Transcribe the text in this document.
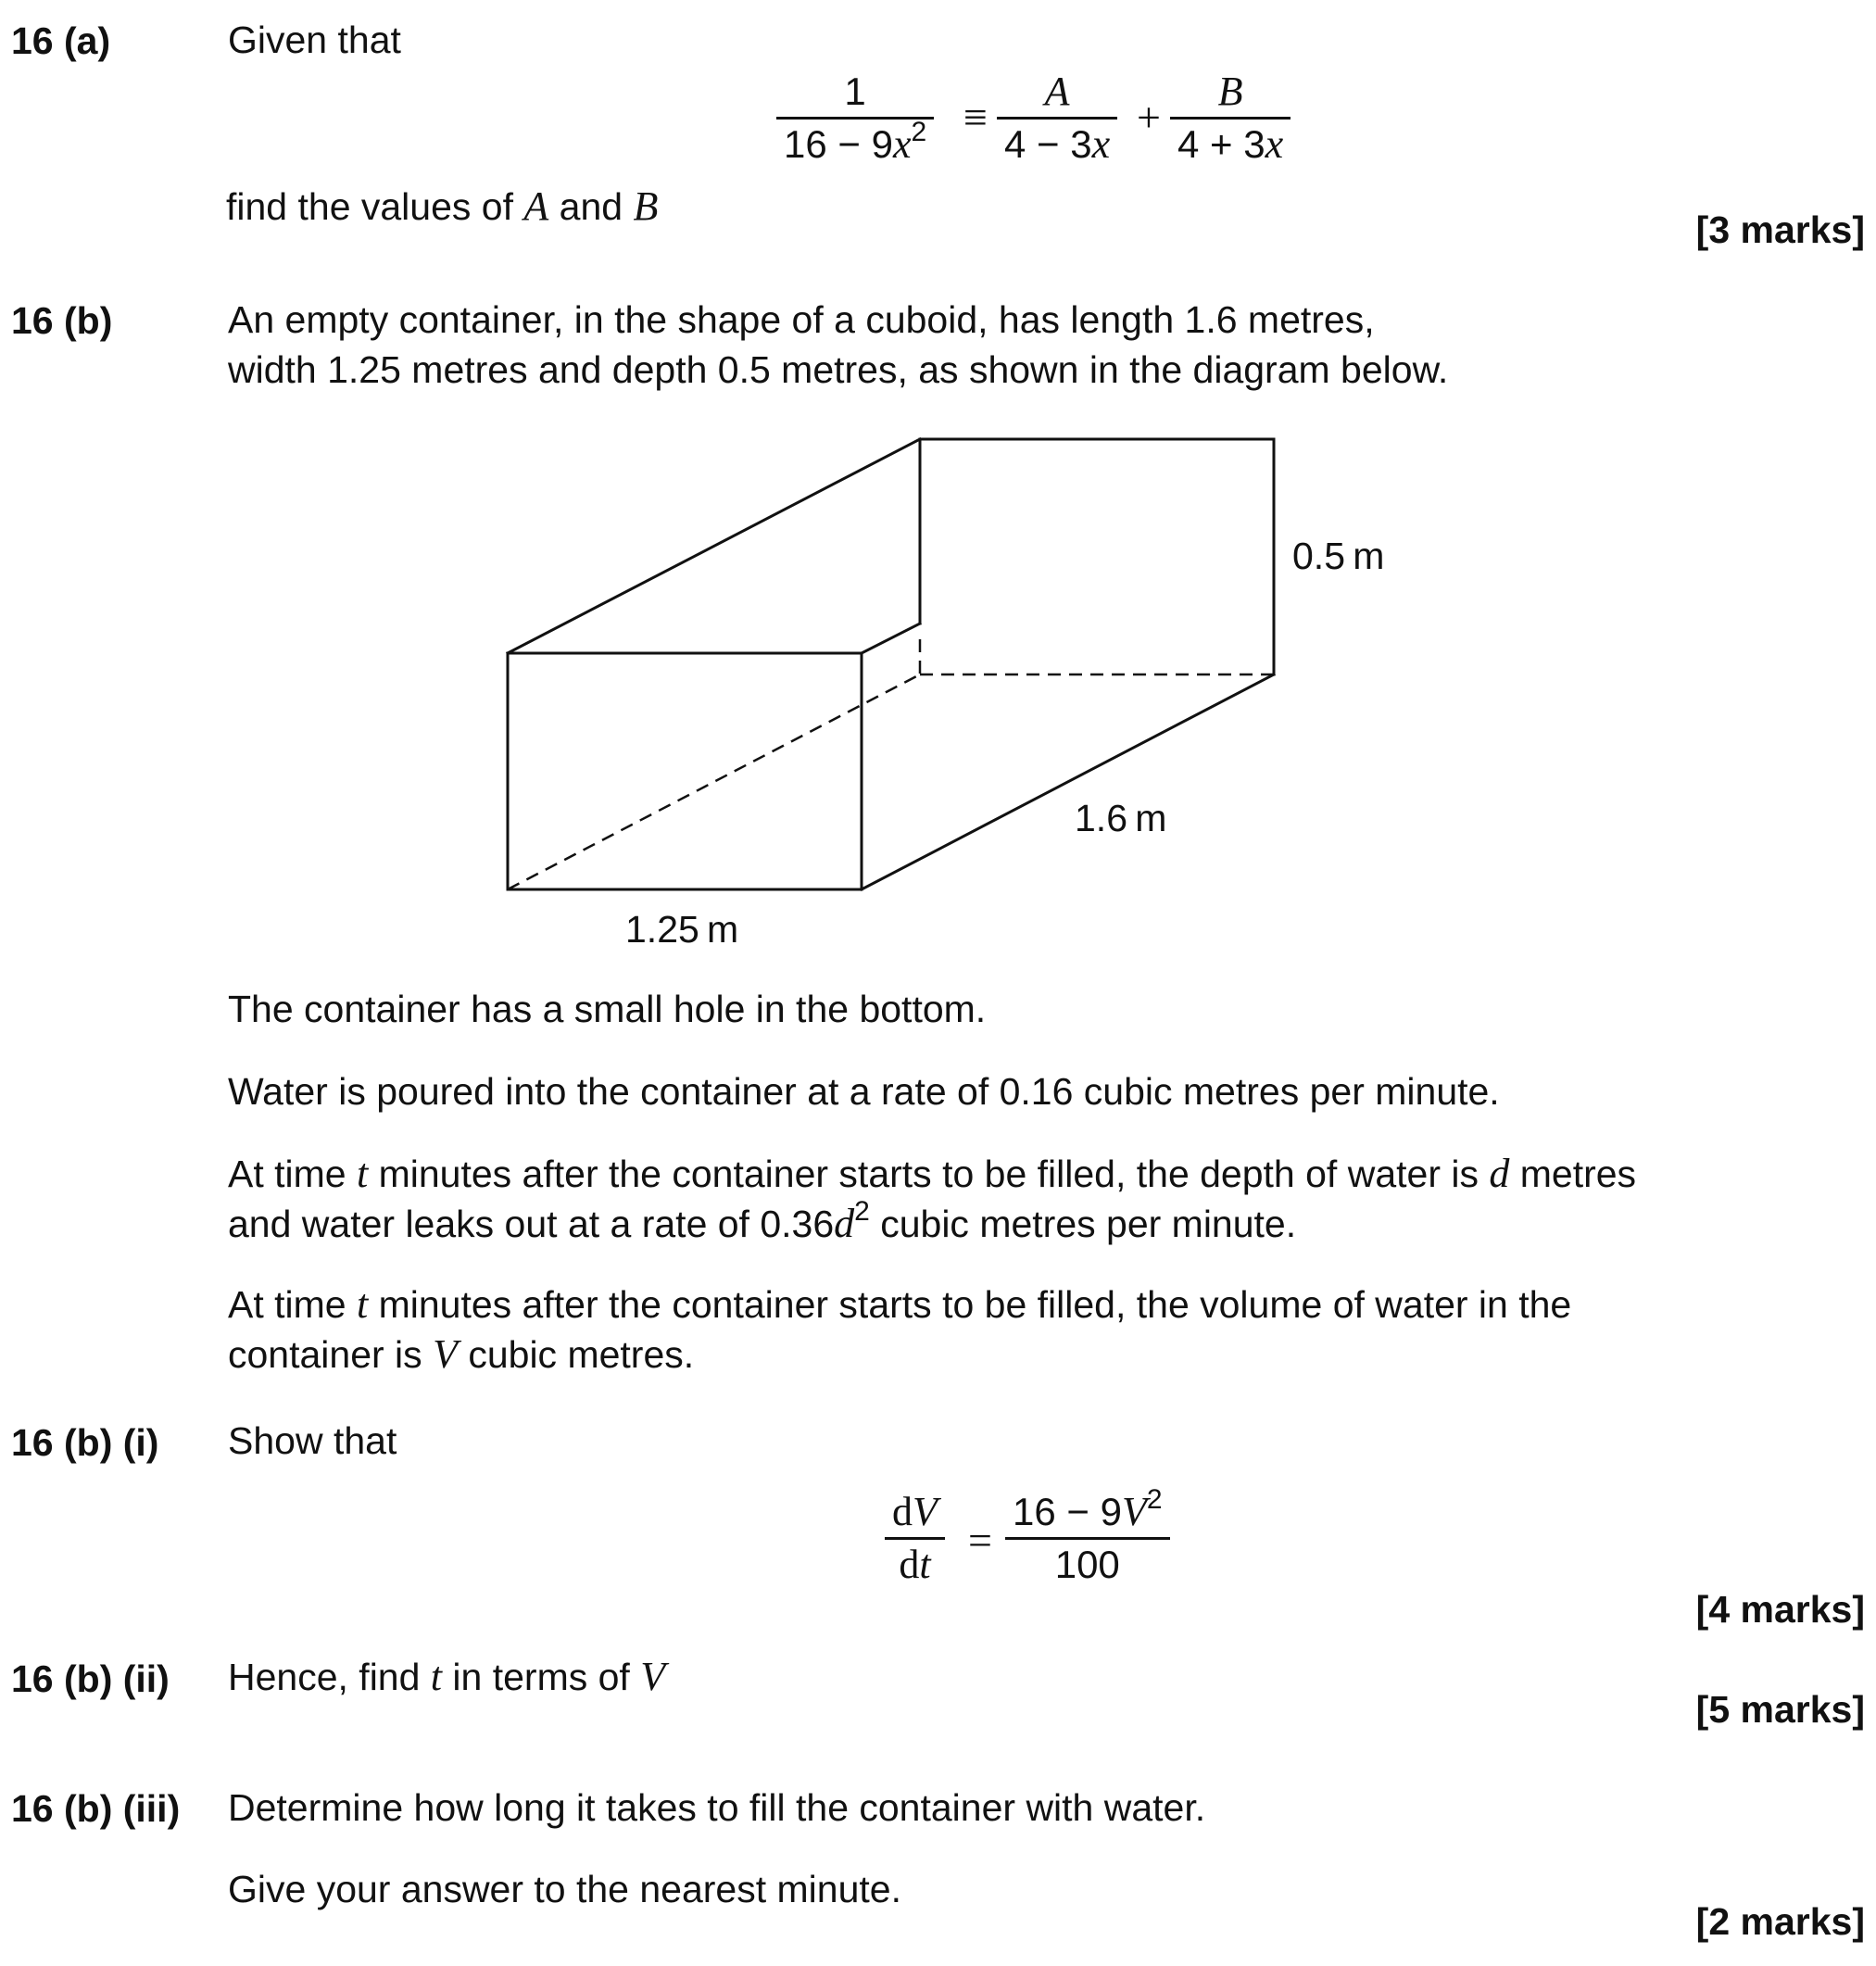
16 (a)	Given that
1
$16 - 9x^2$ ≡
A
4 − 3x
+
B
4 + 3x
find the values of A and B
[3 marks]
16 (b)	An empty container, in the shape of a cuboid, has length 1.6 metres,
width 1.25 metres and depth 0.5 metres, as shown in the diagram below.
0.5 m
1.6 m
1.25 m
The container has a small hole in the bottom.
Water is poured into the container at a rate of 0.16 cubic metres per minute.
At time t minutes after the container starts to be filled, the depth of water is d metres
and water leaks out at a rate of $0.36d^2$ cubic metres per minute.
At time t minutes after the container starts to be filled, the volume of water in the
container is V cubic metres.
16 (b) (i) Show that
dV
dt
=
$16 - 9V^2$
100
[4 marks]
16 (b) (ii) Hence, find t in terms of V
[5 marks]
16 (b) (iii) Determine how long it takes to fill the container with water.
Give your answer to the nearest minute.
[2 marks]
